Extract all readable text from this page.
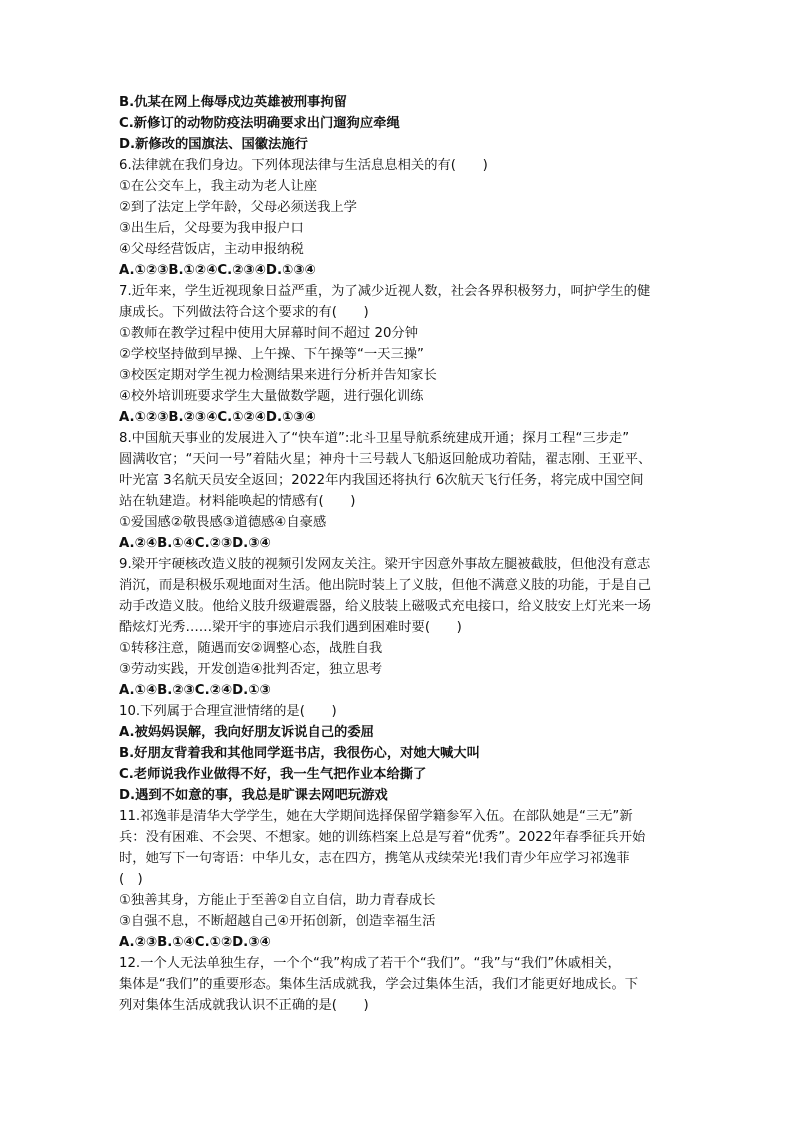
B.仇某在网上侮辱戍边英雄被刑事拘留
C.新修订的动物防疫法明确要求出门遛狗应牵绳
D.新修改的国旗法、国徽法施行
6.法律就在我们身边。下列体现法律与生活息息相关的有(　　)
①在公交车上，我主动为老人让座
②到了法定上学年龄，父母必须送我上学
③出生后，父母要为我申报户口
④父母经营饭店，主动申报纳税
A.①②③B.①②④C.②③④D.①③④
7.近年来，学生近视现象日益严重，为了减少近视人数，社会各界积极努力，呵护学生的健
康成长。下列做法符合这个要求的有(　　)
①教师在教学过程中使用大屏幕时间不超过 20分钟
②学校坚持做到早操、上午操、下午操等“一天三操”
③校医定期对学生视力检测结果来进行分析并告知家长
④校外培训班要求学生大量做数学题，进行强化训练
A.①②③B.②③④C.①②④D.①③④
8.中国航天事业的发展进入了“快车道”:北斗卫星导航系统建成开通；探月工程“三步走”
圆满收官；“天问一号”着陆火星；神舟十三号载人飞船返回舱成功着陆，翟志刚、王亚平、
叶光富 3名航天员安全返回；2022年内我国还将执行 6次航天飞行任务，将完成中国空间
站在轨建造。材料能唤起的情感有(　　)
①爱国感②敬畏感③道德感④自豪感
A.②④B.①④C.②③D.③④
9.梁开宇硬核改造义肢的视频引发网友关注。梁开宇因意外事故左腿被截肢，但他没有意志
消沉，而是积极乐观地面对生活。他出院时装上了义肢，但他不满意义肢的功能，于是自己
动手改造义肢。他给义肢升级避震器，给义肢装上磁吸式充电接口，给义肢安上灯光来一场
酷炫灯光秀……梁开宇的事迹启示我们遇到困难时要(　　)
①转移注意，随遇而安②调整心态，战胜自我
③劳动实践，开发创造④批判否定，独立思考
A.①④B.②③C.②④D.①③
10.下列属于合理宣泄情绪的是(　　)
A.被妈妈误解，我向好朋友诉说自己的委屈
B.好朋友背着我和其他同学逛书店，我很伤心，对她大喊大叫
C.老师说我作业做得不好，我一生气把作业本给撕了
D.遇到不如意的事，我总是旷课去网吧玩游戏
11.祁逸菲是清华大学学生，她在大学期间选择保留学籍参军入伍。在部队她是“三无”新
兵：没有困难、不会哭、不想家。她的训练档案上总是写着“优秀”。2022年春季征兵开始
时，她写下一句寄语：中华儿女，志在四方，携笔从戎续荣光!我们青少年应学习祁逸菲
(　)
①独善其身，方能止于至善②自立自信，助力青春成长
③自强不息，不断超越自己④开拓创新，创造幸福生活
A.②③B.①④C.①②D.③④
12.一个人无法单独生存，一个个“我”构成了若干个“我们”。“我”与“我们”休戚相关，
集体是“我们”的重要形态。集体生活成就我，学会过集体生活，我们才能更好地成长。下
列对集体生活成就我认识不正确的是(　　)
